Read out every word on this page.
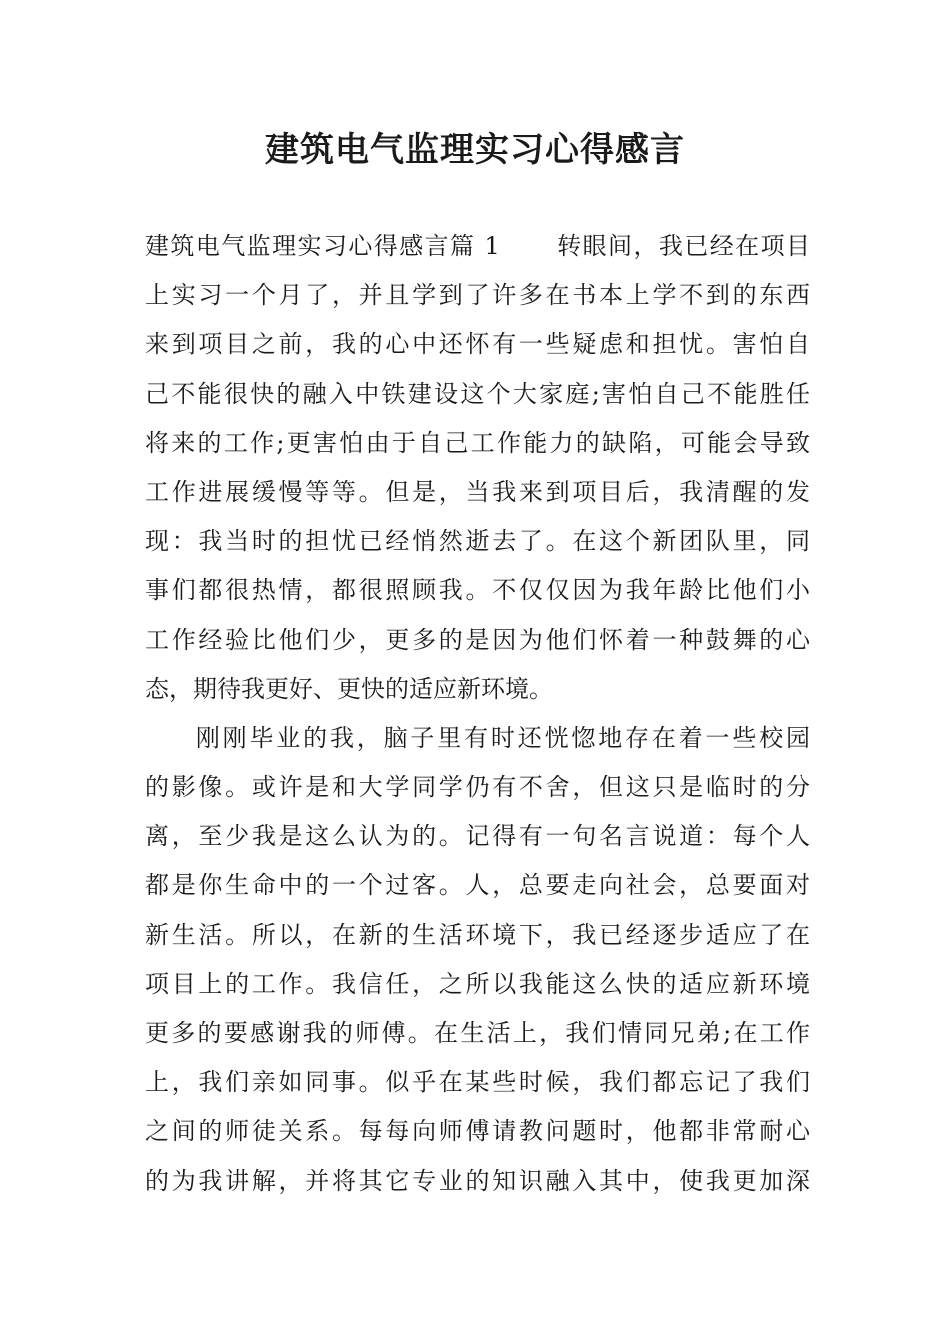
建筑电气监理实习心得感言
建筑电气监理实习心得感言篇 1 转眼间，我已经在项目
上实习一个月了，并且学到了许多在书本上学不到的东西
来到项目之前，我的心中还怀有一些疑虑和担忧。害怕自
己不能很快的融入中铁建设这个大家庭;害怕自己不能胜任
将来的工作;更害怕由于自己工作能力的缺陷，可能会导致
工作进展缓慢等等。但是，当我来到项目后，我清醒的发
现：我当时的担忧已经悄然逝去了。在这个新团队里，同
事们都很热情，都很照顾我。不仅仅因为我年龄比他们小
工作经验比他们少，更多的是因为他们怀着一种鼓舞的心
态，期待我更好、更快的适应新环境。
刚刚毕业的我，脑子里有时还恍惚地存在着一些校园
的影像。或许是和大学同学仍有不舍，但这只是临时的分
离，至少我是这么认为的。记得有一句名言说道：每个人
都是你生命中的一个过客。人，总要走向社会，总要面对
新生活。所以，在新的生活环境下，我已经逐步适应了在
项目上的工作。我信任，之所以我能这么快的适应新环境
更多的要感谢我的师傅。在生活上，我们情同兄弟;在工作
上，我们亲如同事。似乎在某些时候，我们都忘记了我们
之间的师徒关系。每每向师傅请教问题时，他都非常耐心
的为我讲解，并将其它专业的知识融入其中，使我更加深
